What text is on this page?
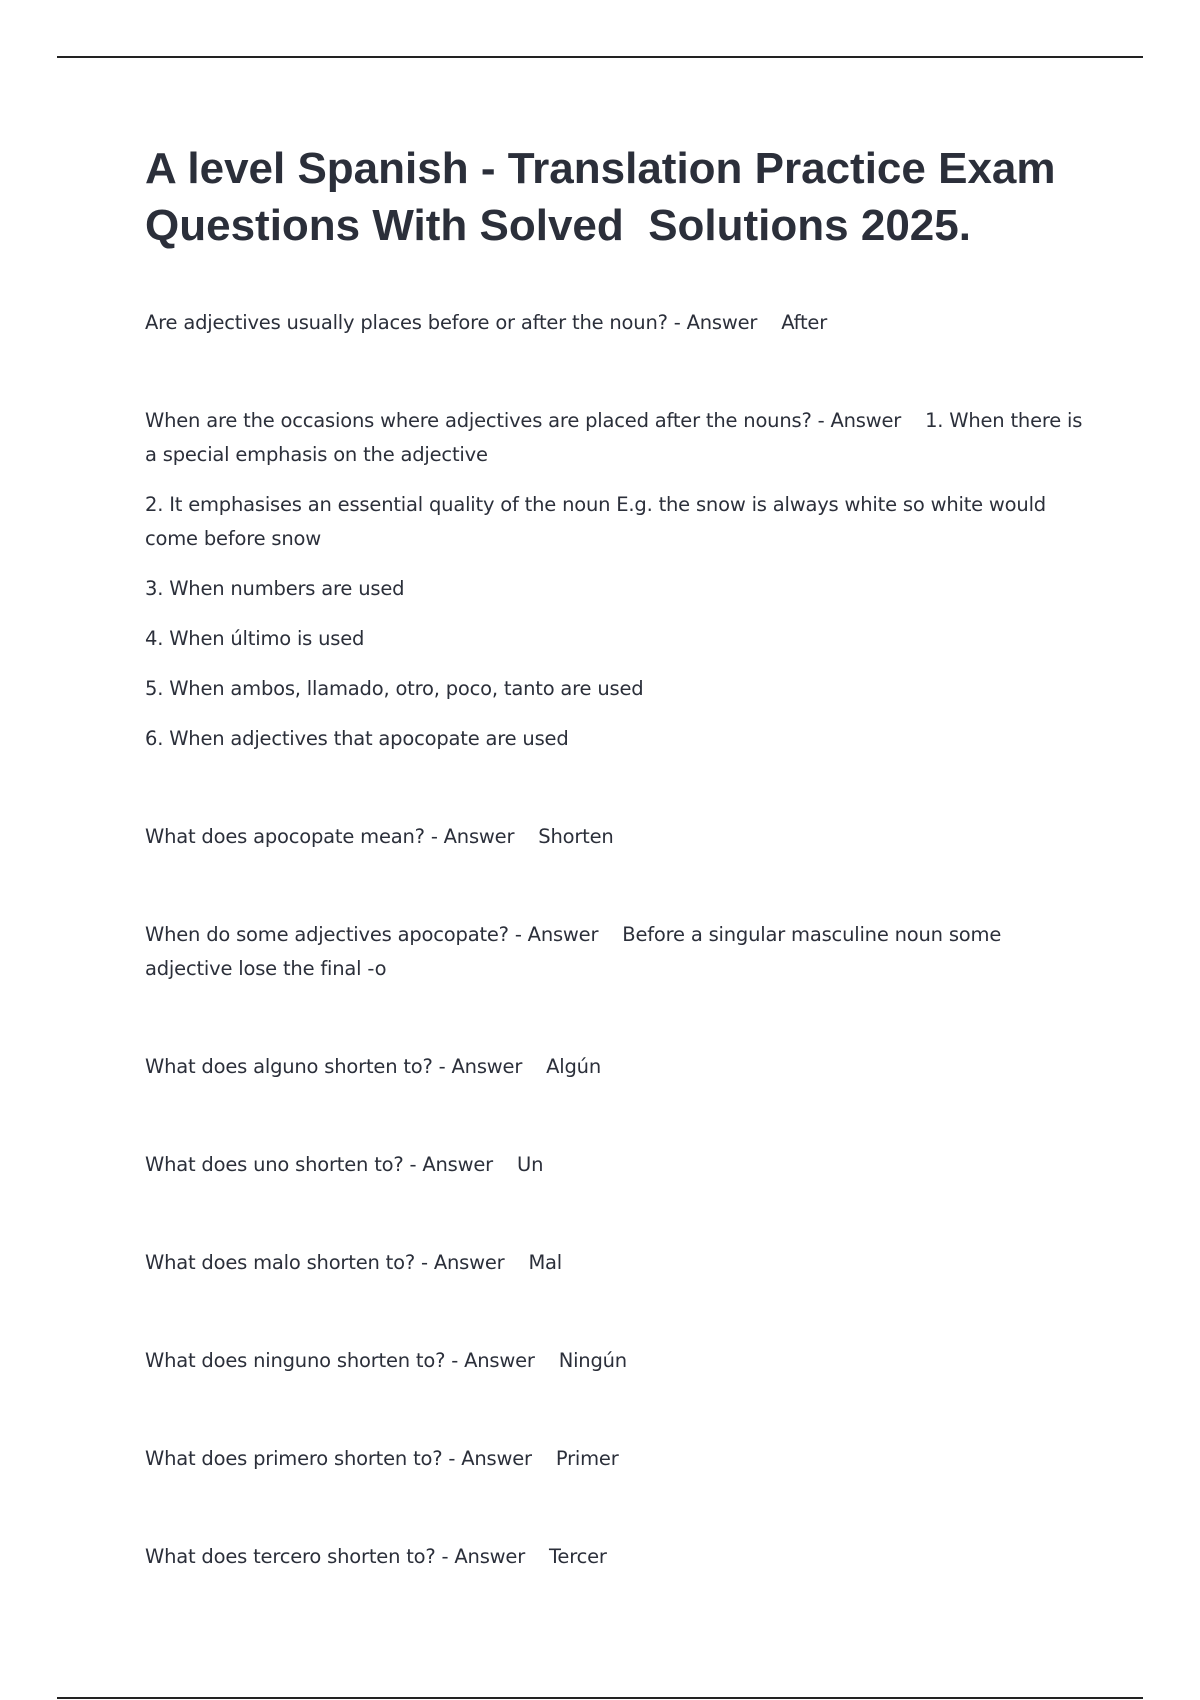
A level Spanish - Translation Practice Exam Questions With Solved  Solutions 2025.

Are adjectives usually places before or after the noun? - Answer    After

When are the occasions where adjectives are placed after the nouns? - Answer    1. When there is a special emphasis on the adjective

2. It emphasises an essential quality of the noun E.g. the snow is always white so white would come before snow

3. When numbers are used

4. When último is used

5. When ambos, llamado, otro, poco, tanto are used

6. When adjectives that apocopate are used

What does apocopate mean? - Answer    Shorten

When do some adjectives apocopate? - Answer    Before a singular masculine noun some adjective lose the final -o

What does alguno shorten to? - Answer    Algún

What does uno shorten to? - Answer    Un

What does malo shorten to? - Answer    Mal

What does ninguno shorten to? - Answer    Ningún

What does primero shorten to? - Answer    Primer

What does tercero shorten to? - Answer    Tercer
